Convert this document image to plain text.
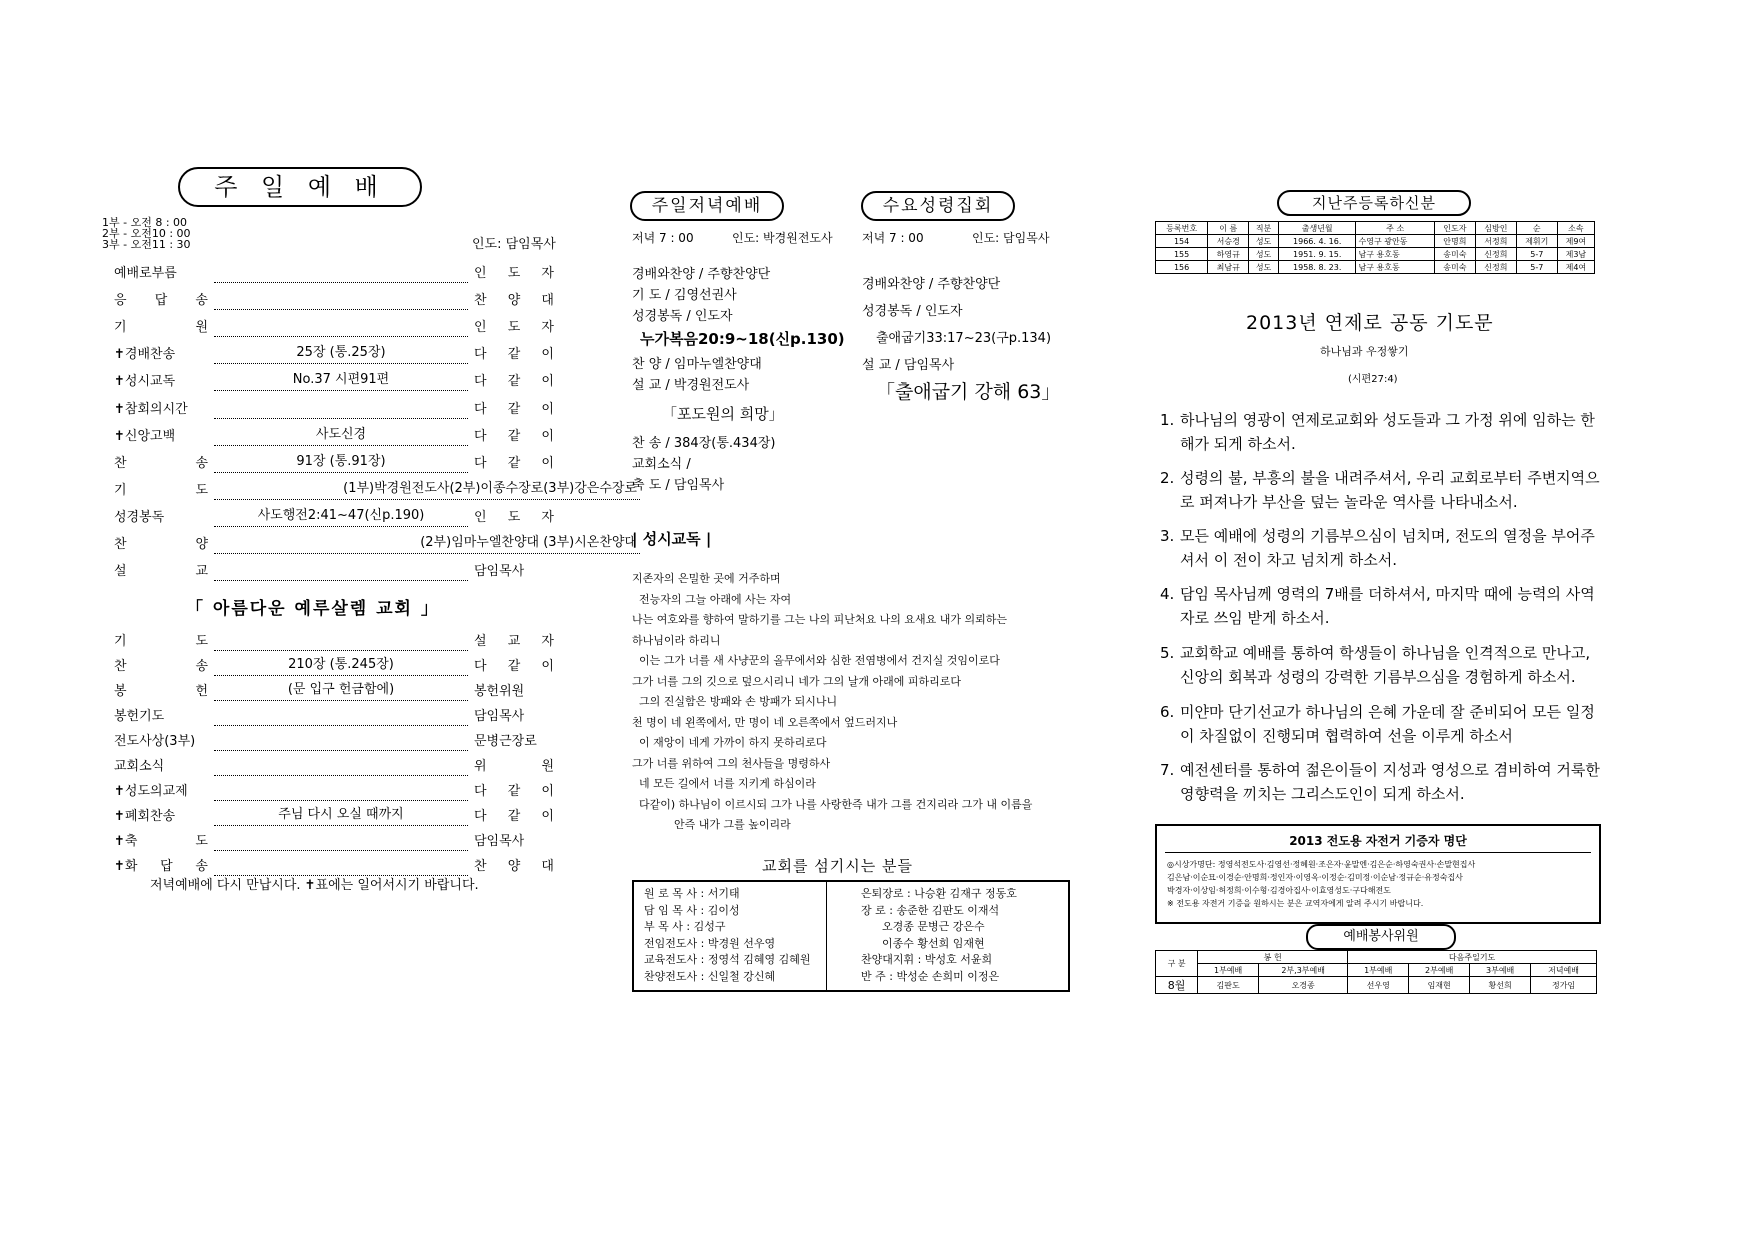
주 일 예 배
1부 - 오전 8 : 00
2부 - 오전10 : 00
3부 - 오전11 : 30	인도: 담임목사
예배로부름	인 도 자
응 답 송	찬 양 대
기 원	인 도 자
✝경배찬송	25장 (통.25장)	다 같 이
✝성시교독	No.37 시편91편	다 같 이
✝참회의시간	다 같 이
✝신앙고백	사도신경	다 같 이
찬 송	91장 (통.91장)	다 같 이
기 도	(1부)박경원전도사(2부)이종수장로(3부)강은수장로
성경봉독	사도행전2:41~47(신p.190)	인 도 자
찬 양	(2부)임마누엘찬양대 (3부)시온찬양대
설 교	담임목사
「 아름다운 예루살렘 교회 」
기 도	설 교 자
찬 송	210장 (통.245장)	다 같 이
봉 헌	(문 입구 헌금함에)	봉헌위원
봉헌기도	담임목사
전도사상(3부)	문병근장로
교회소식	위 원
✝성도의교제	다 같 이
✝폐회찬송	주님 다시 오실 때까지	다 같 이
✝축 도	담임목사
✝화 답 송	찬 양 대
저녁예배에 다시 만납시다. ✝표에는 일어서시기 바랍니다.
주일저녁예배	수요성령집회
저녁 7 : 00	인도: 박경원전도사 저녁 7 : 00	인도: 담임목사
경배와찬양 / 주향찬양단
기 도 / 김영선권사
성경봉독 / 인도자
누가복음20:9~18(신p.130)
찬 양 / 임마누엘찬양대
설 교 / 박경원전도사
「포도원의 희망」
찬 송 / 384장(통.434장)
교회소식 /
축 도 / 담임목사
경배와찬양 / 주향찬양단
성경봉독 / 인도자
출애굽기33:17~23(구p.134)
설 교 / 담임목사
「출애굽기 강해 63」
| 성시교독 |
지존자의 은밀한 곳에 거주하며
전능자의 그늘 아래에 사는 자여
나는 여호와를 향하여 말하기를 그는 나의 피난처요 나의 요새요 내가 의뢰하는
하나님이라 하리니
이는 그가 너를 새 사냥꾼의 올무에서와 심한 전염병에서 건지실 것임이로다
그가 너를 그의 깃으로 덮으시리니 네가 그의 날개 아래에 피하리로다
그의 진실함은 방패와 손 방패가 되시나니
천 명이 네 왼쪽에서, 만 명이 네 오른쪽에서 엎드러지나
이 재앙이 네게 가까이 하지 못하리로다
그가 너를 위하여 그의 천사들을 명령하사
네 모든 길에서 너를 지키게 하심이라
다같이) 하나님이 이르시되 그가 나를 사랑한즉 내가 그를 건지리라 그가 내 이름을
안즉 내가 그를 높이리라
교회를 섬기시는 분들
원 로 목 사 : 서기태
담 임 목 사 : 김이성
부 목 사 : 김성구
전임전도사 : 박경원 선우영
교육전도사 : 정영석 김혜영 김혜원
찬양전도사 : 신일철 강신혜
은퇴장로 : 나승환 김재구 정동호
장 로 : 송준한 김판도 이재석
오경종 문병근 강은수
이종수 황선희 임재현
찬양대지휘 : 박성호 서윤희
반 주 : 박성순 손희미 이정은
지난주등록하신분
등록번호	이 름	직분	출생년월	주 소	인도자	심방인	순	소속
154	서승경	성도	1966. 4. 16.	수영구 광안동	안명희	서정희	제휘기	제9여
155	하영규	성도	1951. 9. 15.	남구 용호동	송미숙	신정희	5-7	제3남
156	최남규	성도	1958. 8. 23.	남구 용호동	송미숙	신정희	5-7	제4여
2013년 연제로 공동 기도문
하나님과 우정쌓기
(시편27:4)
1. 하나님의 영광이 연제로교회와 성도들과 그 가정 위에 임하는 한 해가 되게 하소서.
2. 성령의 불, 부흥의 불을 내려주셔서, 우리 교회로부터 주변지역으로 퍼져나가 부산을 덮는 놀라운 역사를 나타내소서.
3. 모든 예배에 성령의 기름부으심이 넘치며, 전도의 열정을 부어주셔서 이 전이 차고 넘치게 하소서.
4. 담임 목사님께 영력의 7배를 더하셔서, 마지막 때에 능력의 사역자로 쓰임 받게 하소서.
5. 교회학교 예배를 통하여 학생들이 하나님을 인격적으로 만나고, 신앙의 회복과 성령의 강력한 기름부으심을 경험하게 하소서.
6. 미얀마 단기선교가 하나님의 은혜 가운데 잘 준비되어 모든 일정이 차질없이 진행되며 협력하여 선을 이루게 하소서
7. 예전센터를 통하여 젊은이들이 지성과 영성으로 겸비하여 거룩한 영향력을 끼치는 그리스도인이 되게 하소서.
2013 전도용 자전거 기증자 명단
◎시상가명단: 정영석전도사·김영선·정혜원·조은자·윤말엔·김은순·하영숙권사·손말현집사
김은남·이순묘·이경순·안명희·정인자·이영옥·이정순·김미정·이순남·정규순·유정숙집사
박경자·이상임·허정희·이수형·김경아집사·이효영성도·구다해전도
※ 전도용 자전거 기증을 원하시는 분은 교역자에게 알려 주시기 바랍니다.
예배봉사위원
구 분	봉 헌		다음주일기도			
	1부예배	2부,3부예배	1부예배	2부예배	3부예배	저녁예배
8월	김판도	오경종	선우영	임재현	황선희	정가임
